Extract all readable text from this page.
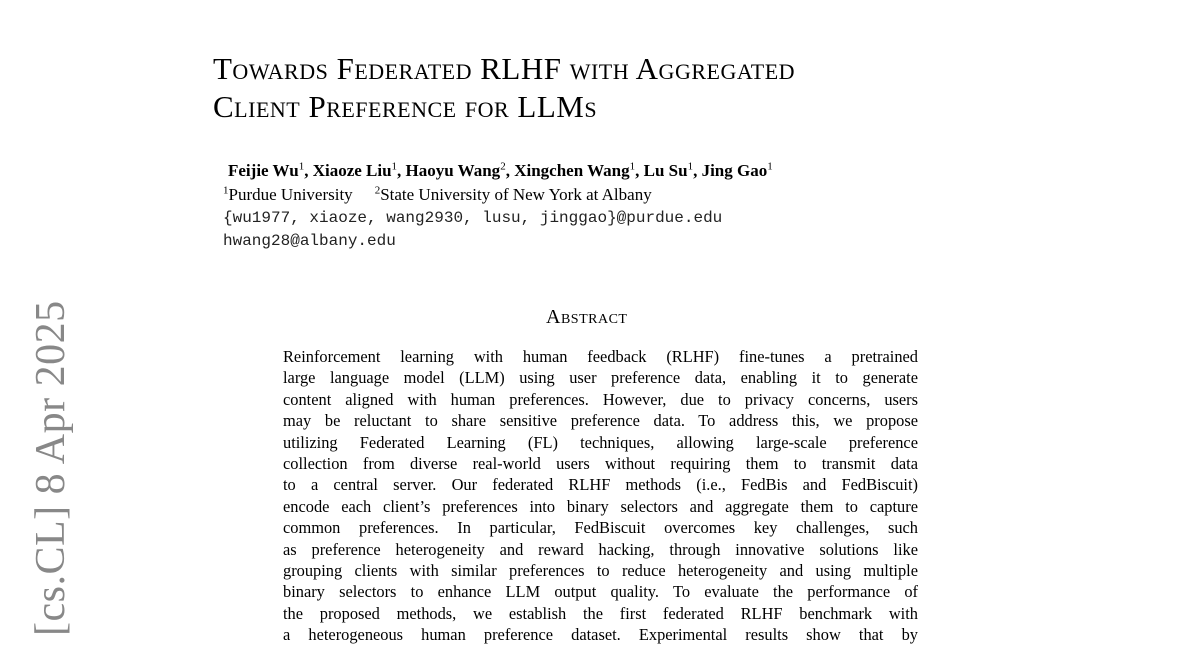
Towards Federated RLHF with Aggregated
Client Preference for LLMs
Feijie Wu$^1$, Xiaoze Liu$^1$, Haoyu Wang$^2$, Xingchen Wang$^1$, Lu Su$^1$, Jing Gao$^1$
$^1$Purdue University $^2$State University of New York at Albany
{wu1977, xiaoze, wang2930, lusu, jinggao}@purdue.edu
hwang28@albany.edu
Abstract
Reinforcement learning with human feedback (RLHF) fine-tunes a pretrained
large language model (LLM) using user preference data, enabling it to generate
content aligned with human preferences. However, due to privacy concerns, users
may be reluctant to share sensitive preference data. To address this, we propose
utilizing Federated Learning (FL) techniques, allowing large-scale preference
collection from diverse real-world users without requiring them to transmit data
to a central server. Our federated RLHF methods (i.e., FedBis and FedBiscuit)
encode each client’s preferences into binary selectors and aggregate them to capture
common preferences. In particular, FedBiscuit overcomes key challenges, such
as preference heterogeneity and reward hacking, through innovative solutions like
grouping clients with similar preferences to reduce heterogeneity and using multiple
binary selectors to enhance LLM output quality. To evaluate the performance of
the proposed methods, we establish the first federated RLHF benchmark with
a heterogeneous human preference dataset. Experimental results show that by
[cs.CL] 8 Apr 2025
